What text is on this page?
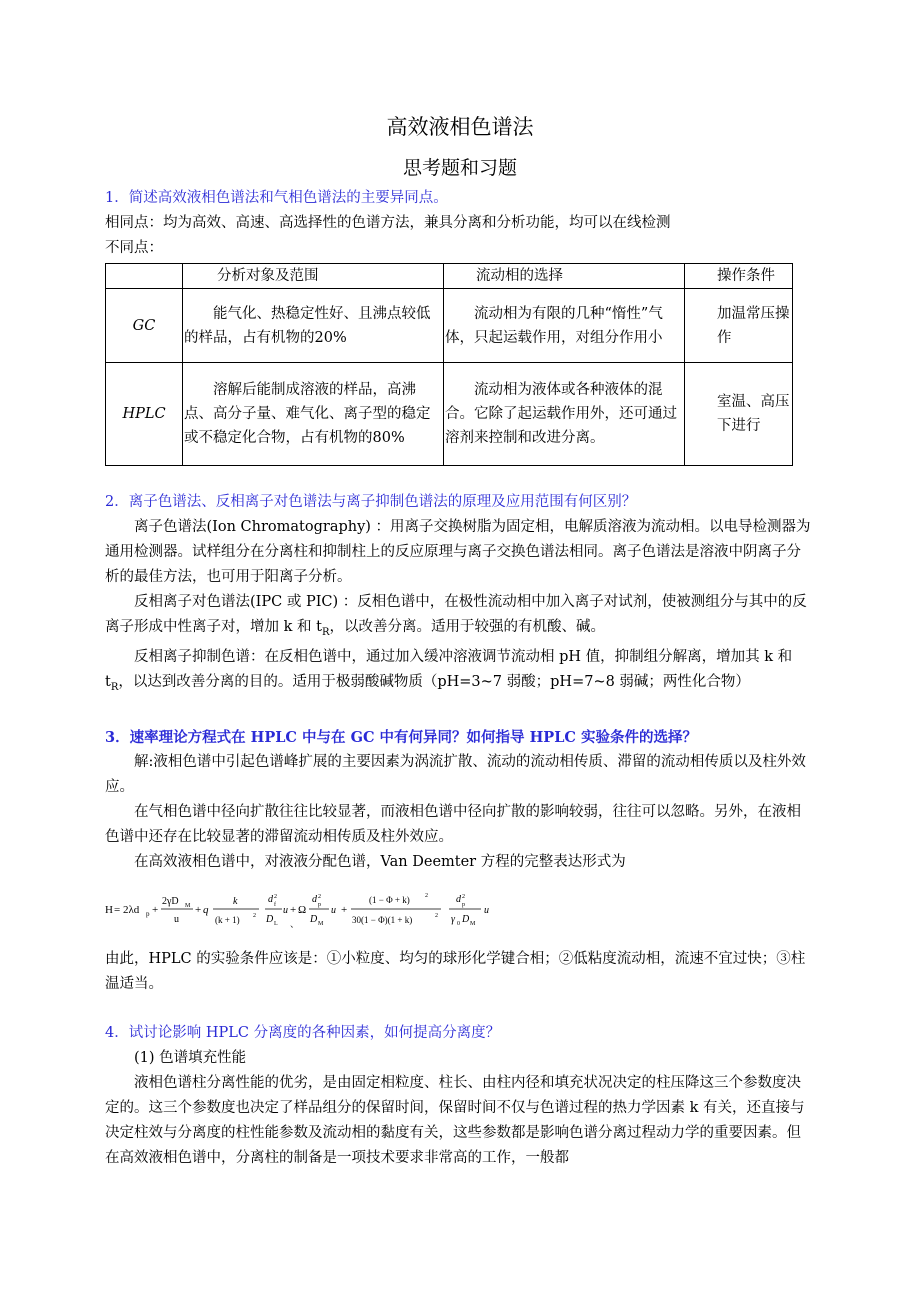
高效液相色谱法
思考题和习题

1．简述高效液相色谱法和气相色谱法的主要异同点。

相同点：均为高效、高速、高选择性的色谱方法，兼具分离和分析功能，均可以在线检测

不同点：

	分析对象及范围	流动相的选择	操作条件
GC	能气化、热稳定性好、且沸点较低的样品，占有机物的20%	流动相为有限的几种“惰性”气体，只起运载作用，对组分作用小	加温常压操作
HPLC	溶解后能制成溶液的样品，高沸点、高分子量、难气化、离子型的稳定或不稳定化合物，占有机物的80%	流动相为液体或各种液体的混合。它除了起运载作用外，还可通过溶剂来控制和改进分离。	室温、高压下进行

2．离子色谱法、反相离子对色谱法与离子抑制色谱法的原理及应用范围有何区别？

离子色谱法(Ion Chromatography) ：用离子交换树脂为固定相，电解质溶液为流动相。以电导检测器为通用检测器。试样组分在分离柱和抑制柱上的反应原理与离子交换色谱法相同。离子色谱法是溶液中阴离子分析的最佳方法，也可用于阳离子分析。

反相离子对色谱法(IPC 或 PIC) ：反相色谱中，在极性流动相中加入离子对试剂，使被测组分与其中的反离子形成中性离子对，增加 k 和 $t_R$，以改善分离。适用于较强的有机酸、碱。

反相离子抑制色谱：在反相色谱中，通过加入缓冲溶液调节流动相 pH 值，抑制组分解离，增加其 k 和 $t_R$，以达到改善分离的目的。适用于极弱酸碱物质（pH=3~7 弱酸；pH=7~8 弱碱；两性化合物）

3．速率理论方程式在 HPLC 中与在 GC 中有何异同？如何指导 HPLC 实验条件的选择？

解:液相色谱中引起色谱峰扩展的主要因素为涡流扩散、流动的流动相传质、滞留的流动相传质以及柱外效应。

在气相色谱中径向扩散往往比较显著，而液相色谱中径向扩散的影响较弱，往往可以忽略。另外，在液相色谱中还存在比较显著的滞留流动相传质及柱外效应。

在高效液相色谱中，对液液分配色谱，Van Deemter 方程的完整表达形式为

H = 2λd p +
2γD M
u
+ q
k
(k + 1) 2
d 2
f
D L
u +
、
Ω
d 2
p
D M
u +
(1 − Φ + k)	2
30(1 − Φ)(1 + k)	2
d 2
p
γ 0 D M
u

由此，HPLC 的实验条件应该是：①小粒度、均匀的球形化学键合相；②低粘度流动相，流速不宜过快；③柱温适当。

4．试讨论影响 HPLC 分离度的各种因素，如何提高分离度？

(1) 色谱填充性能

液相色谱柱分离性能的优劣，是由固定相粒度、柱长、由柱内径和填充状况决定的柱压降这三个参数度决定的。这三个参数度也决定了样品组分的保留时间，保留时间不仅与色谱过程的热力学因素 k 有关，还直接与决定柱效与分离度的柱性能参数及流动相的黏度有关，这些参数都是影响色谱分离过程动力学的重要因素。但在高效液相色谱中，分离柱的制备是一项技术要求非常高的工作，一般都
